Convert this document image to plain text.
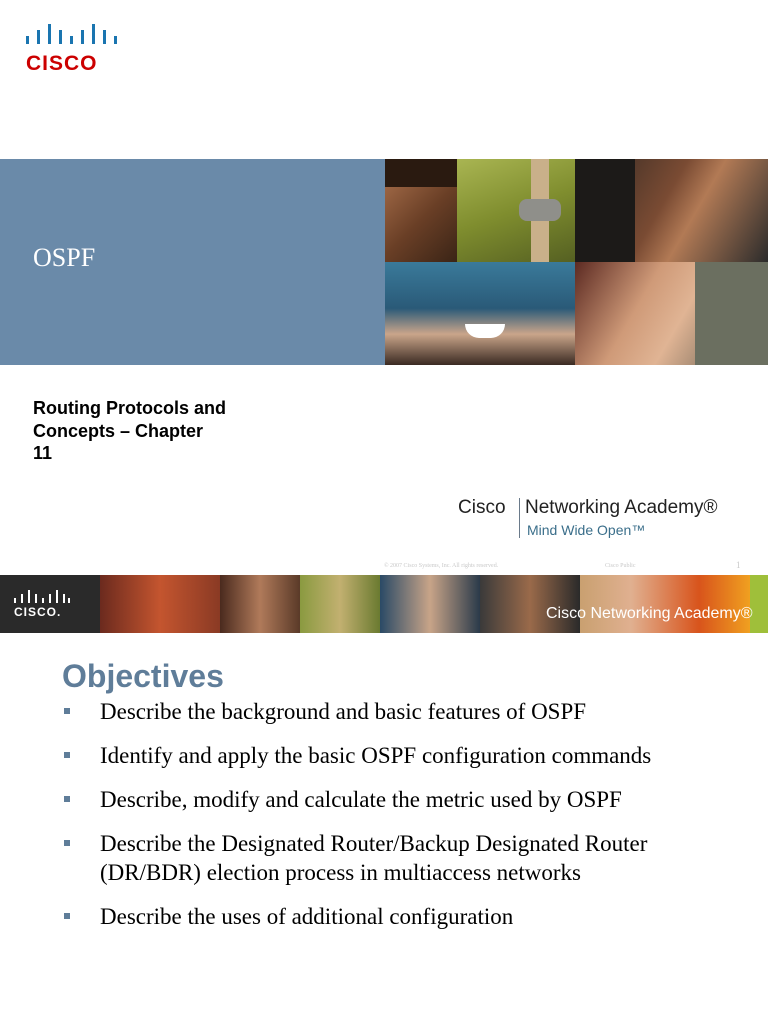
CISCO
OSPF
Routing Protocols and
Concepts – Chapter
11
Cisco Networking Academy®
Mind Wide Open™
© 2007 Cisco Systems, Inc. All rights reserved.	Cisco Public	1
CISCO.	Cisco Networking Academy®
Objectives
Describe the background and basic features of OSPF
Identify and apply the basic OSPF configuration commands
Describe, modify and calculate the metric used by OSPF
Describe the Designated Router/Backup Designated Router (DR/BDR) election process in multiaccess networks
Describe the uses of additional configuration
